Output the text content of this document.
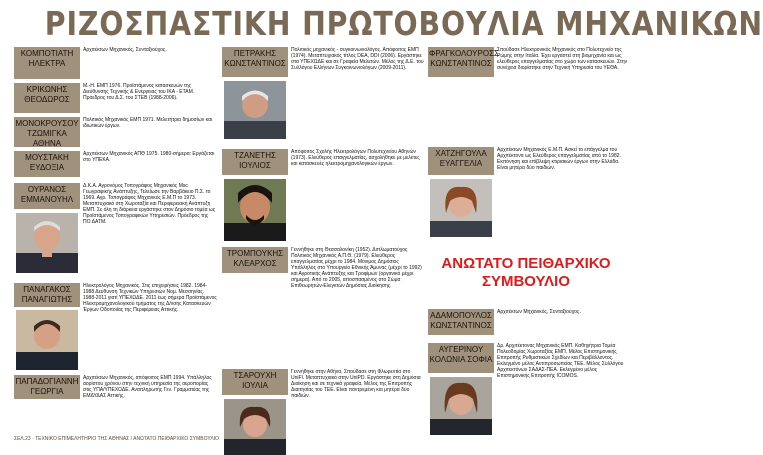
ΡΙΖΟΣΠΑΣΤΙΚΗ ΠΡΩΤΟΒΟΥΛΙΑ ΜΗΧΑΝΙΚΩΝ
ΚΟΜΠΟΤΙΑΤΗ ΗΛΕΚΤΡΑ
Αρχιτέκτων Μηχανικός, Συνταξιούχος.
ΚΡΙΚΩΝΗΣ ΘΕΟΔΩΡΟΣ
Μ.-Η. ΕΜΠ 1976. Προϊστάμενος κατασκευών της Διεύθυνσης Τεχνικής & Ενέργειας του ΙΚΑ - ΕΤΑΜ. Πρόεδρος του Δ.Σ. του ΣΤΕΒ (1988-2006).
ΜΟΝΟΚΡΟΥΣΟΥ ΤΖΩΜΙΓΚΑ ΑΘΗΝΑ
Πολιτικός Μηχανικός ΕΜΠ 1971. Μελετήτρια δημοσίων και ιδιωτικών έργων.
ΜΟΥΣΤΑΚΗ ΕΥΔΟΞΙΑ
Αρχιτέκτων Μηχανικός ΑΠΘ 1975. 1980-σήμερα: Εργάζεται στο ΥΠΕΚΑ.
ΟΥΡΑΝΟΣ ΕΜΜΑΝΟΥΗΛ
Δ.Κ.Α. Αγρονόμος Τοπογράφος Μηχανικός Msc Γεωγραφικής Ανάπτυξης, Τελείωσε την Βαρβάκειο Π.Σ. το 1969. Αγρ. Τοπογράφος Μηχανικός Ε.Μ.Π το 1973. Μεταπτυχιακό στη Χωροταξία και Περιφερειακή Ανάπτυξη ΕΜΠ. Σε όλη τη διάρκεια εργάστηκε στον Δημόσιο τομέα ως Προϊστάμενος Τοπογραφικών Υπηρεσιών. Πρόεδρος της ΠΟ ΔΑΤΜ.
ΠΑΝΑΓΑΚΟΣ ΠΑΝΑΓΙΩΤΗΣ
Ηλεκτρολόγος Μηχανικός. Στις επιχειρήσεις 1982. 1984-1988 Δεύθυνση Τεχνικών Υπηρεσιών Νομ. Μεσσηνίας. 1988-2011 γιατί ΥΠΕΧΩΔΕ. 2011 έως σήμερα Προϊστάμενος Ηλεκτρομηχανολογικού τμήματος της Δ/νσης Κατασκευών Έργων Οδοποιίας της Περιφέρειας Αττικής.
ΠΑΠΑΔΟΓΙΑΝΝΗ ΓΕΩΡΓΙΑ
Αρχιτέκτων Μηχανικός, απόφοιτος ΕΜΠ 1994. Υπάλληλος αορίστου χρόνου στην τεχνική υπηρεσία της αεροπορίας στις ΥΠΑ/ΥΠΕΧΩΔΕ. Αναπληρωτής Γεν. Γραμματέας της ΕΜΔΥΔΑΣ Αττικής.
ΠΕΤΡΑΚΗΣ ΚΩΝΣΤΑΝΤΙΝΟΣ
Πολιτικός μηχανικός - συγκοινωνιολόγος. Απόφοιτος ΕΜΠ (1974). Μεταπτυχιακός τίτλος DEA, DDI (2006). Εργάστηκε στα ΥΠΕΧΩΔΕ και σε Γραφεία Μελετών. Μέλος της Δ.Ε. του Συλλόγου Ελλήνων Συγκοινωνιολόγων (2009-2011).
ΤΖΑΝΕΤΗΣ ΙΟΥΛΙΟΣ
Απόφοιτος Σχολής Ηλεκτρολόγων Πολυτεχνείου Αθηνών (1973). Ελεύθερος επαγγελματίας, ασχολήθηκε με μελέτες και κατασκευές ηλεκτρομηχανολογικών έργων.
ΤΡΟΜΠΟΥΚΗΣ ΚΛΕΑΡΧΟΣ
Γεννήθηκε στη Θεσσαλονίκη (1952). Διπλωματούχος Πολιτικός Μηχανικός Α.Π.Θ. (1979). Ελεύθερος επαγγελματίας μέχρι το 1984. Μόνιμος Δημόσιος Υπάλληλος στο Υπουργείο Εθνικής Άμυνας (μέχρι το 1992) και Αγροτικής Ανάπτυξης και Τροφίμων (οργανικό μέχρι σήμερα). Από το 2005, αποσπασμένος στο Σώμα Επιθεωρητών-Ελεγκτών Δημόσιας Διοίκησης.
ΤΣΑΡΟΥΧΗ ΙΟΥΛΙΑ
Γεννήθηκε στην Αθήνα. Σπούδασε στη Φλωρεντία στο UniFI. Μεταπτυχιακό στην UniPD. Εργάστηκε στη Δημόσια Διοίκηση και σε τεχνικά γραφεία. Μέλος της Επιτροπής Διαιτησίας του ΤΕΕ. Είναι παντρεμένη και μητέρα δύο παιδιών.
ΦΡΑΓΚΟΛΟΥΡΟΣΣ ΚΩΝΣΤΑΝΤΙΝΟΣ
Σπούδασε Ηλεκτρονικός Μηχανικός στο Πολυτεχνείο της Ρώμης στην Ιταλία. Έχει εργαστεί στη βιομηχανία και ως ελεύθερος επαγγελματίας στο χώρο των κατασκευών. Στην συνέχεια διορίστηκε στην Τεχνική Υπηρεσία του ΥΕΘΑ.
ΧΑΤΖΗΓΟΥΛΑ ΕΥΑΓΓΕΛΙΑ
Αρχιτέκτων Μηχανικός Ε.Μ.Π. Ασκεί το επάγγελμα του Αρχιτέκτονα ως Ελεύθερος επαγγελματίας από το 1982. Εκπόνηση και επίβλεψη κτιριακών έργων στην Ελλάδα. Είναι μητέρα δύο παιδιών.
ΑΔΑΜΟΠΟΥΛΟΣ ΚΩΝΣΤΑΝΤΙΝΟΣ
Αρχιτέκτων Μηχανικός, Συνταξιούχος.
ΑΥΓΕΡΙΝΟΥ ΚΟΛΩΝΙΑ ΣΟΦΙΑ
Δρ. Αρχιτέκτονας Μηχανικός ΕΜΠ. Καθηγήτρια Τομέα Πολεοδομίας Χωροταξίας ΕΜΠ. Μέλος Επιστημονικής Επιτροπής Ρυθμιστικών Σχεδίων και Περιβάλλοντος. Εκλεγμένο μέλος Αντιπροσωπείας ΤΕΕ. Μέλος Συλλόγου Αρχιτεκτόνων ΣΑΔΑΣ-ΠΕΑ. Εκλεγμένο μέλος Επιστημονικής Επιτροπής ΙCOMOS.
ΑΝΩΤΑΤΟ ΠΕΙΘΑΡΧΙΚΟ ΣΥΜΒΟΥΛΙΟ
ΣΕΛ.23 · ΤΕΧΝΙΚΟ ΕΠΙΜΕΛΗΤΗΡΙΟ ΤΗΣ ΑΘΗΝΑΣ / ΑΝΩΤΑΤΟ ΠΕΙΘΑΡΧΙΚΟ ΣΥΜΒΟΥΛΙΟ
